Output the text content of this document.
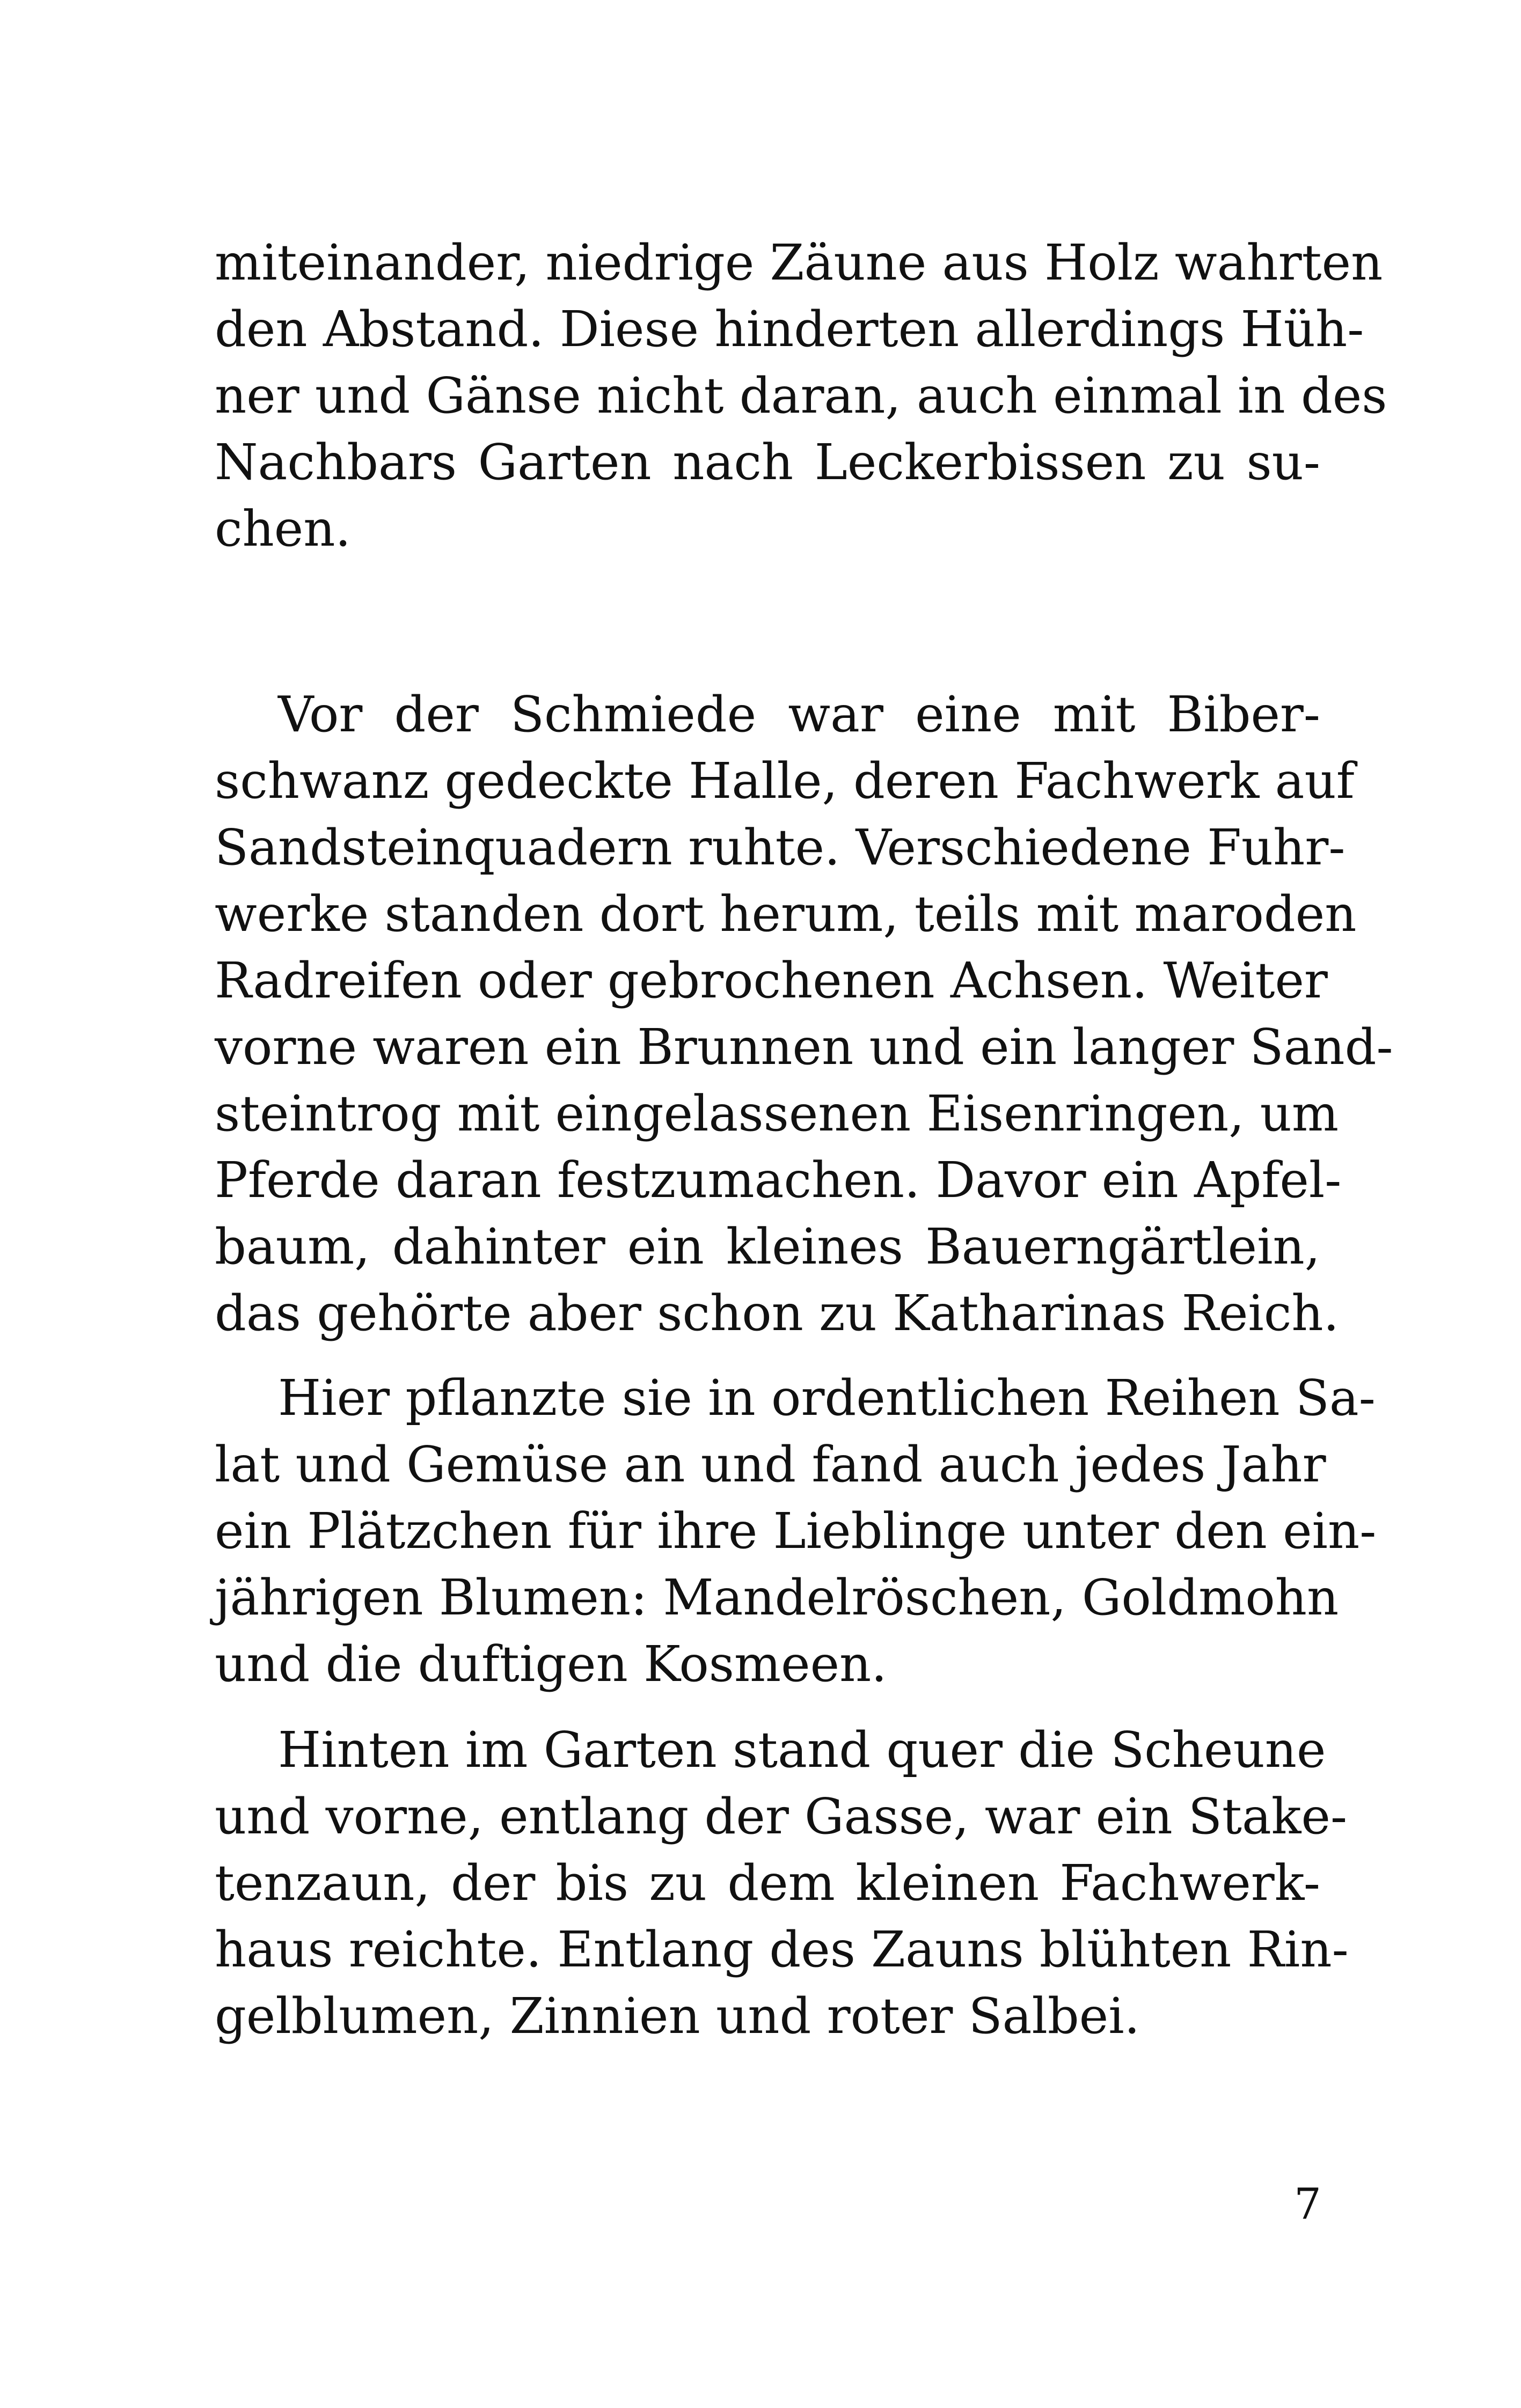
miteinander, niedrige Zäune aus Holz wahrten
den Abstand. Diese hinderten allerdings Hüh-
ner und Gänse nicht daran, auch einmal in des
Nachbars Garten nach Leckerbissen zu su-
chen.
Vor der Schmiede war eine mit Biber-
schwanz gedeckte Halle, deren Fachwerk auf
Sandsteinquadern ruhte. Verschiedene Fuhr-
werke standen dort herum, teils mit maroden
Radreifen oder gebrochenen Achsen. Weiter
vorne waren ein Brunnen und ein langer Sand-
steintrog mit eingelassenen Eisenringen, um
Pferde daran festzumachen. Davor ein Apfel-
baum, dahinter ein kleines Bauerngärtlein,
das gehörte aber schon zu Katharinas Reich.
Hier pflanzte sie in ordentlichen Reihen Sa-
lat und Gemüse an und fand auch jedes Jahr
ein Plätzchen für ihre Lieblinge unter den ein-
jährigen Blumen: Mandelröschen, Goldmohn
und die duftigen Kosmeen.
Hinten im Garten stand quer die Scheune
und vorne, entlang der Gasse, war ein Stake-
tenzaun, der bis zu dem kleinen Fachwerk-
haus reichte. Entlang des Zauns blühten Rin-
gelblumen, Zinnien und roter Salbei.
7
